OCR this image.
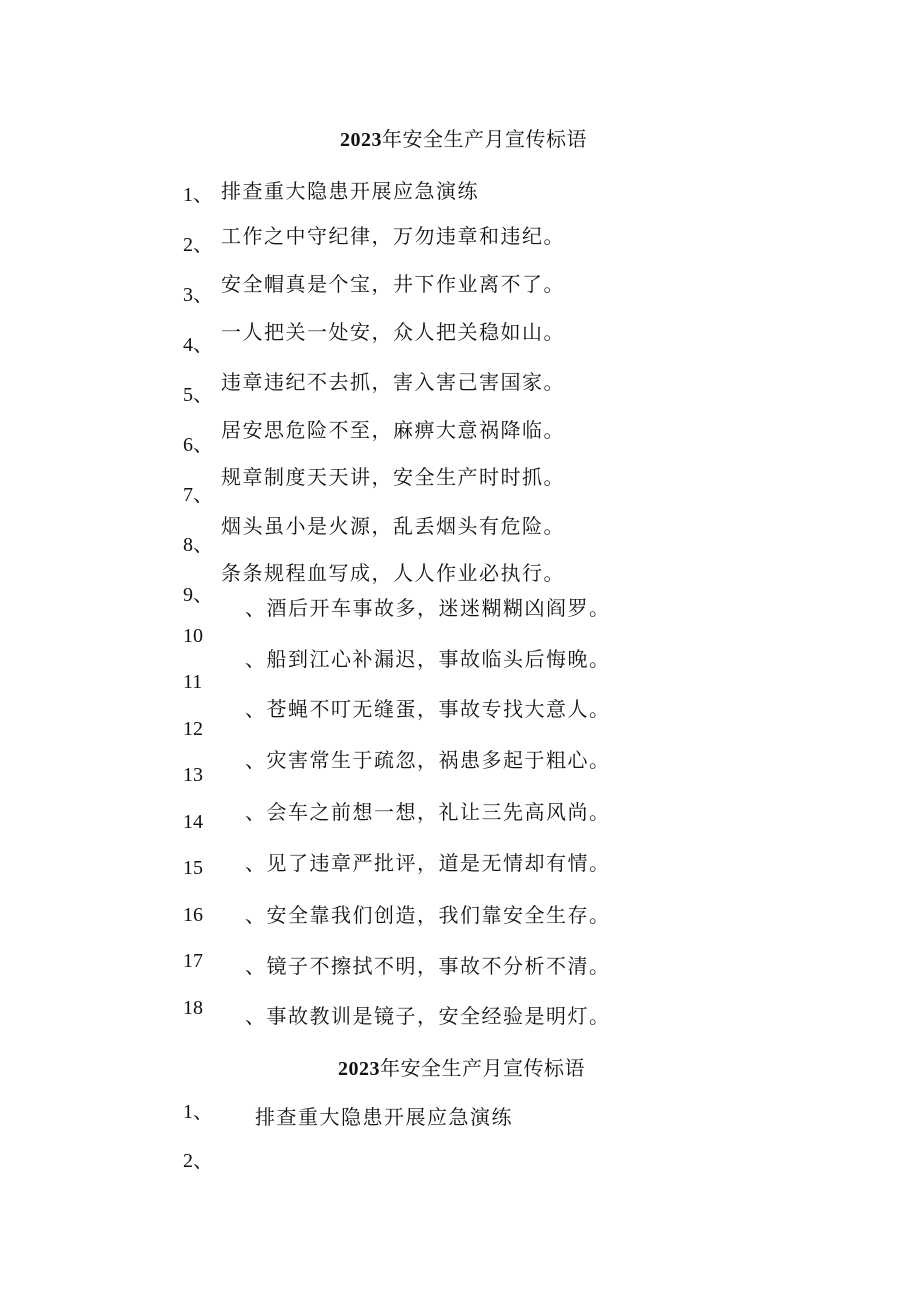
2023年安全生产月宣传标语
1、
2、
3、
4、
5、
6、
7、
8、
9、
排查重大隐患开展应急演练
工作之中守纪律，万勿违章和违纪。
安全帽真是个宝，井下作业离不了。
一人把关一处安，众人把关稳如山。
违章违纪不去抓，害入害己害国家。
居安思危险不至，麻痹大意祸降临。
规章制度天天讲，安全生产时时抓。
烟头虽小是火源，乱丢烟头有危险。
条条规程血写成，人人作业必执行。
10
11
12
13
14
15
16
17
18
、酒后开车事故多，迷迷糊糊凶阎罗。
、船到江心补漏迟，事故临头后悔晚。
、苍蝇不叮无缝蛋，事故专找大意人。
、灾害常生于疏忽，祸患多起于粗心。
、会车之前想一想，礼让三先高风尚。
、见了违章严批评，道是无情却有情。
、安全靠我们创造，我们靠安全生存。
、镜子不擦拭不明，事故不分析不清。
、事故教训是镜子，安全经验是明灯。
2023年安全生产月宣传标语
1、 排查重大隐患开展应急演练
2、
